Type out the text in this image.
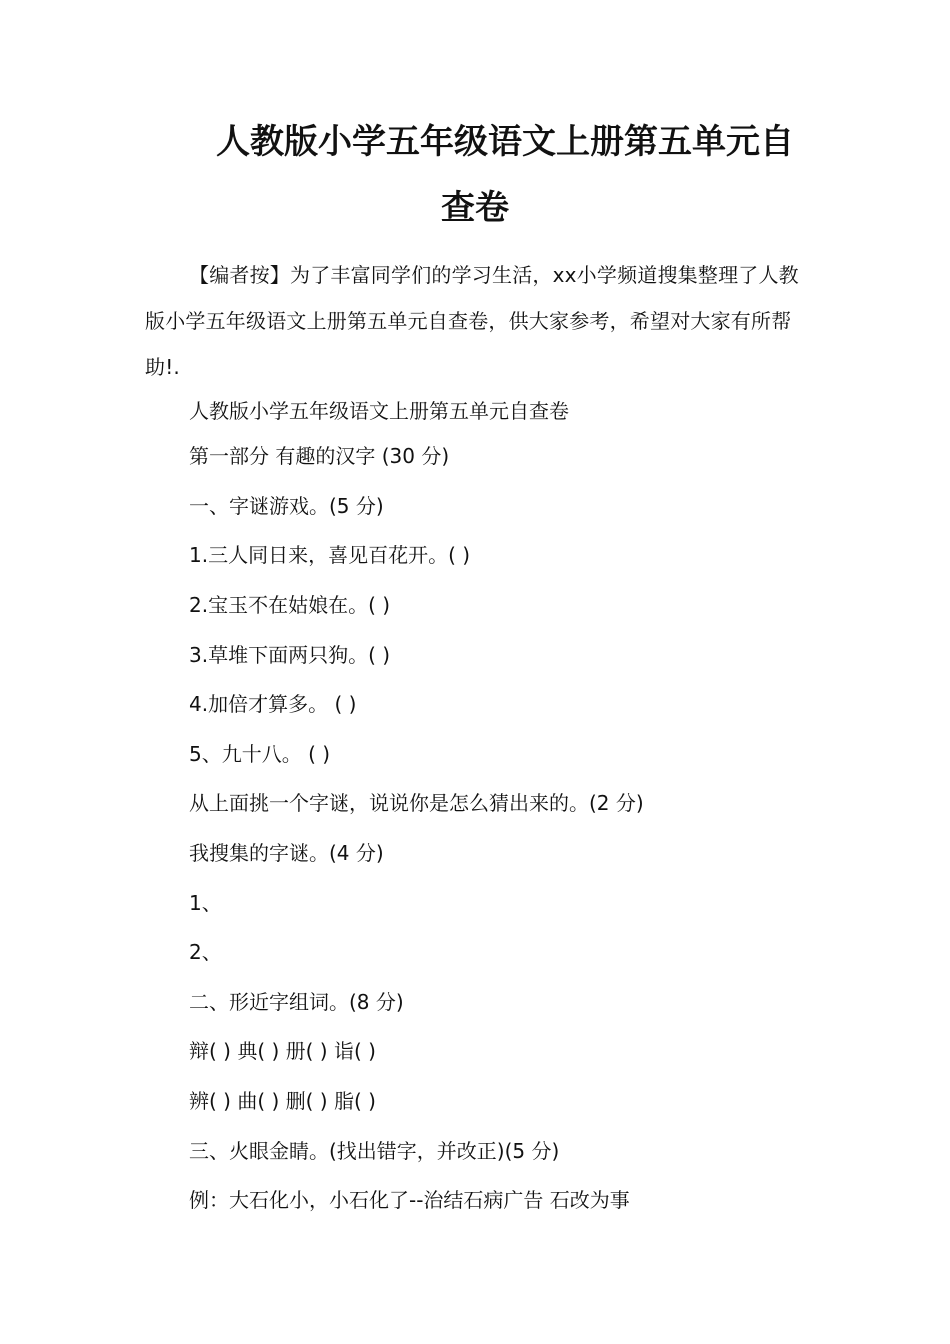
人教版小学五年级语文上册第五单元自
查卷

【编者按】为了丰富同学们的学习生活，xx小学频道搜集整理了人教版小学五年级语文上册第五单元自查卷，供大家参考，希望对大家有所帮助!.

人教版小学五年级语文上册第五单元自查卷

第一部分 有趣的汉字 (30 分)

一、字谜游戏。(5 分)

1.三人同日来，喜见百花开。( )

2.宝玉不在姑娘在。( )

3.草堆下面两只狗。( )

4.加倍才算多。 ( )

5、九十八。 ( )

从上面挑一个字谜，说说你是怎么猜出来的。(2 分)

我搜集的字谜。(4 分)

1、

2、

二、形近字组词。(8 分)

辩( ) 典( ) 册( ) 诣( )

辨( ) 曲( ) 删( ) 脂( )

三、火眼金睛。(找出错字，并改正)(5 分)

例：大石化小，小石化了--治结石病广告 石改为事
